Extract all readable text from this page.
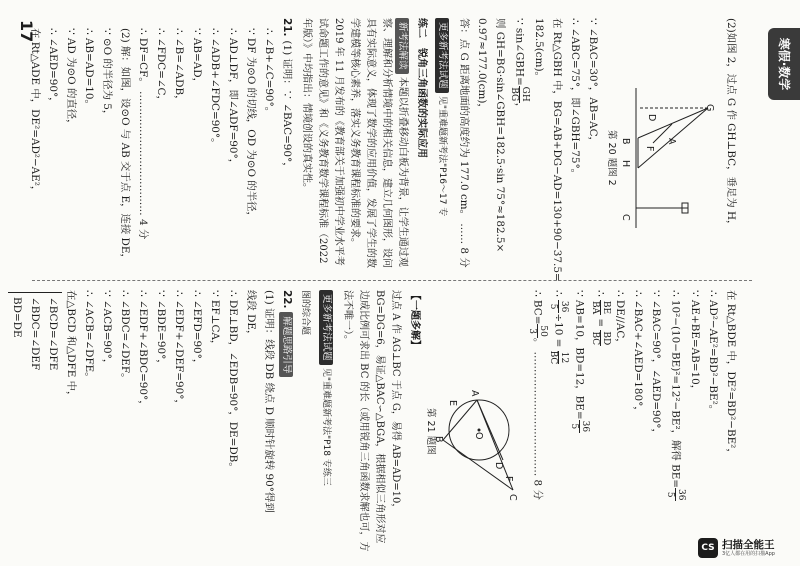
寒假·数学
17	(2)如图 2，过点 G 作 GH⊥BC，垂足为 H，

G
A
C
D
B
H
F
第 20 题图 2

∵ ∠BAC=30°，AB=AC，

∴ ∠ABC=75°，即∠GBH=75°。

在 Rt△GBH 中，BG=AB+DG−AD=130+90−37.5=

182.5(cm)。

∵ sin∠GBH=
GH
BG
，

则 GH=BG·sin∠GBH=182.5·sin 75°≈182.5×

0.97≈177.0(cm)，

答：点 G 距离地面的高度约为 177.0 cm。 …… 8 分

更多新考法试题 见"重难题新考法"P16～17 专

练二　锐角三角函数的实际应用

新考法解读 本题以折叠移动白板为背景，让学生通过观察、理解和分析情境中的相关信息，建立几何图形，设问具有实际意义，体现了数学的应用价值，发展了学生的数学建模等核心素养，落实义务教育课程标准的要求。2019 年 11 月发布的《教育部关于加强初中学业水平考试命题工作的意见》和《义务教育数学课程标准（2022 年版）》中均指出：情境创设的真实性。

21.(1) 证明：∵ ∠BAC=90°，

∴ ∠B+∠C=90°。

∵ DF 为⊙O 的切线，OD 为⊙O 的半径，

∴ AD⊥DF，即∠ADF=90°，

∴ ∠ADB+∠FDC=90°。

∵ AB=AD，

∴ ∠B=∠ADB，

∴ ∠FDC=∠C，

∴ DF=CF。 ……………………………… 4 分

(2) 解：如图，设⊙O 与 AB 交于点 E，连接 DE，

∵ ⊙O 的半径为 5，

∴ AB=AD=10。

∵ AD 为⊙O 的直径，

∴ ∠AED=90°，

在 Rt△ADE 中，DE²=AD²−AE²，

在 Rt△BDE 中，DE²=BD²−BE²，

∴ AD²−AE²=BD²−BE²。

∵ AE+BE=AB=10，

∴ 10²−(10−BE)²=12²−BE²，解得 BE=
36
5

∵ ∠BAC=90°，∠AED=90°，

∴ ∠BAC+∠AED=180°，

∴ DE//AC，

∴
BE
BA
=
BD
BC

∵ AB=10，BD=12，BE=
36
5

∴
36
5
÷10 =
12
BC

∴ BC=
50
3
。 ……………………………… 8 分

A
E
O
B
D
F
C
第 21 题图

【一题多解】

过点 A 作 AG⊥BC 于点 G，易得 AB=AD=10，BG=DG=6，易证△BAC∽△BGA，根据相似三角形对应边成比例可求出 BC 的长（或用锐角三角函数求解也可，方法不唯一）。

更多新考法试题 见"重难题新考法"P18 专练三

图的综合题

22.解题思路引导

(1) 证明：线段 DB 绕点 D 顺时针旋转 90°得到

线段 DE，

∴ DE⊥BD，∠EDB=90°，DE=DB。

∵ EF⊥CA，

∴ ∠EFD=90°，

∴ ∠EDF+∠DEF=90°，

∵ ∠BDE=90°，

∴ ∠EDF+∠BDC=90°，

∴ ∠BDC=∠DEF。

∵ ∠ACB=90°，

∴ ∠ACB=∠DFE。

在△BCD 和△DFE 中，

∠BCD=∠DFE

∠BDC=∠DEF

BD=DE

CS 扫描全能王
3亿人都在用的扫描App
